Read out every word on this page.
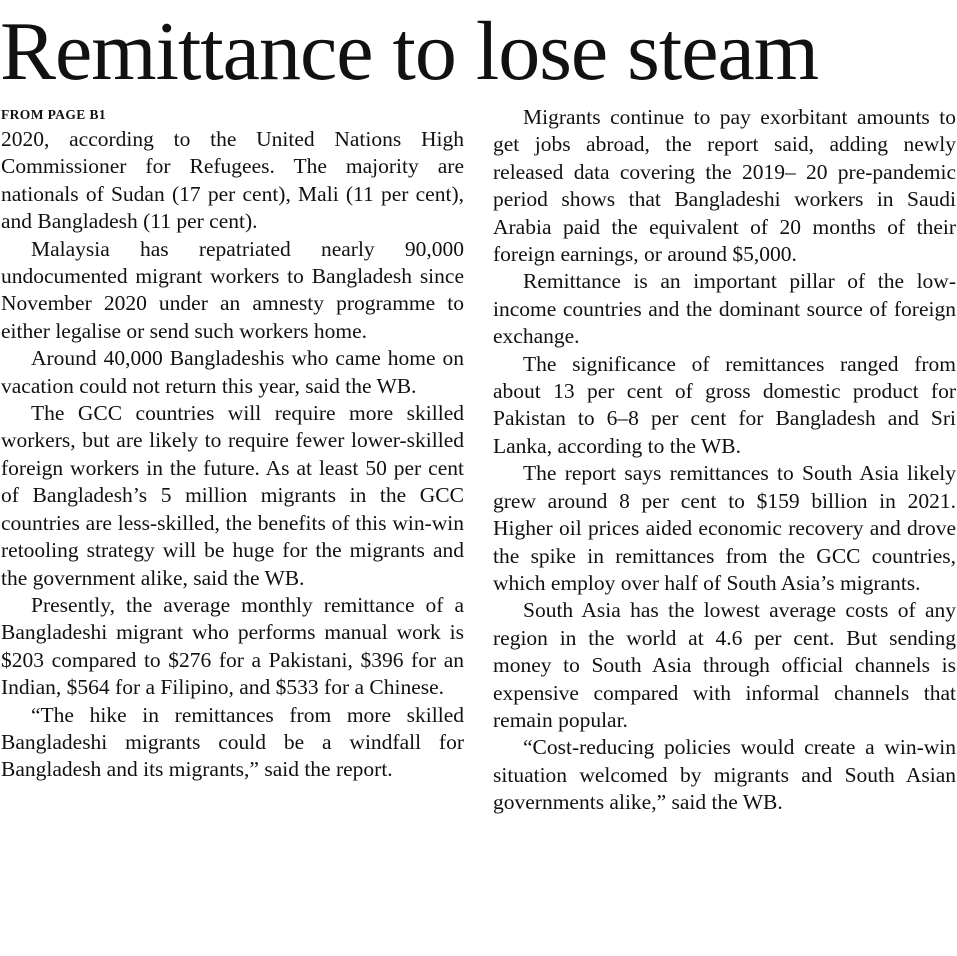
Remittance to lose steam
FROM PAGE B1

2020, according to the United Nations High Commissioner for Refugees. The majority are nationals of Sudan (17 per cent), Mali (11 per cent), and Bangladesh (11 per cent).

Malaysia has repatriated nearly 90,000 undocumented migrant workers to Bangladesh since November 2020 under an amnesty programme to either legalise or send such workers home.

Around 40,000 Bangladeshis who came home on vacation could not return this year, said the WB.

The GCC countries will require more skilled workers, but are likely to require fewer lower-skilled foreign workers in the future. As at least 50 per cent of Bangladesh’s 5 million migrants in the GCC countries are less-skilled, the benefits of this win-win retooling strategy will be huge for the migrants and the government alike, said the WB.

Presently, the average monthly remittance of a Bangladeshi migrant who performs manual work is $203 compared to $276 for a Pakistani, $396 for an Indian, $564 for a Filipino, and $533 for a Chinese.

“The hike in remittances from more skilled Bangladeshi migrants could be a windfall for Bangladesh and its migrants,” said the report.

Migrants continue to pay exorbitant amounts to get jobs abroad, the report said, adding newly released data covering the 2019– 20 pre-pandemic period shows that Bangladeshi workers in Saudi Arabia paid the equivalent of 20 months of their foreign earnings, or around $5,000.

Remittance is an important pillar of the low-income countries and the dominant source of foreign exchange.

The significance of remittances ranged from about 13 per cent of gross domestic product for Pakistan to 6–8 per cent for Bangladesh and Sri Lanka, according to the WB.

The report says remittances to South Asia likely grew around 8 per cent to $159 billion in 2021. Higher oil prices aided economic recovery and drove the spike in remittances from the GCC countries, which employ over half of South Asia’s migrants.

South Asia has the lowest average costs of any region in the world at 4.6 per cent. But sending money to South Asia through official channels is expensive compared with informal channels that remain popular.

“Cost-reducing policies would create a win-win situation welcomed by migrants and South Asian governments alike,” said the WB.
